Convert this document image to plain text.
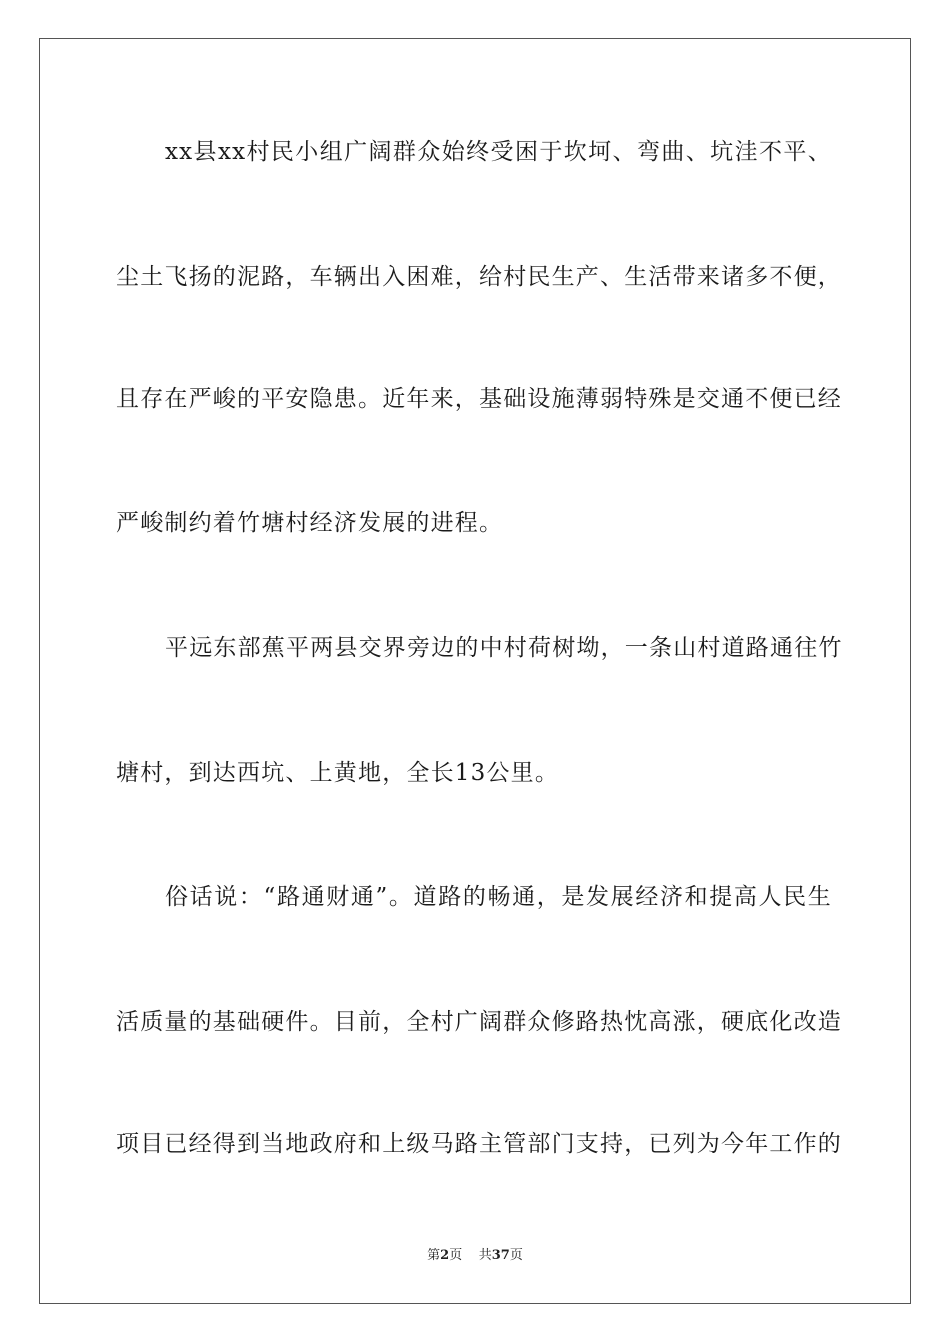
xx县xx村民小组广阔群众始终受困于坎坷、弯曲、坑洼不平、
尘土飞扬的泥路，车辆出入困难，给村民生产、生活带来诸多不便，
且存在严峻的平安隐患。近年来，基础设施薄弱特殊是交通不便已经
严峻制约着竹塘村经济发展的进程。
平远东部蕉平两县交界旁边的中村荷树坳，一条山村道路通往竹
塘村，到达西坑、上黄地，全长13公里。
俗话说：“路通财通”。道路的畅通，是发展经济和提高人民生
活质量的基础硬件。目前，全村广阔群众修路热忱高涨，硬底化改造
项目已经得到当地政府和上级马路主管部门支持，已列为今年工作的
第2页 共37页
